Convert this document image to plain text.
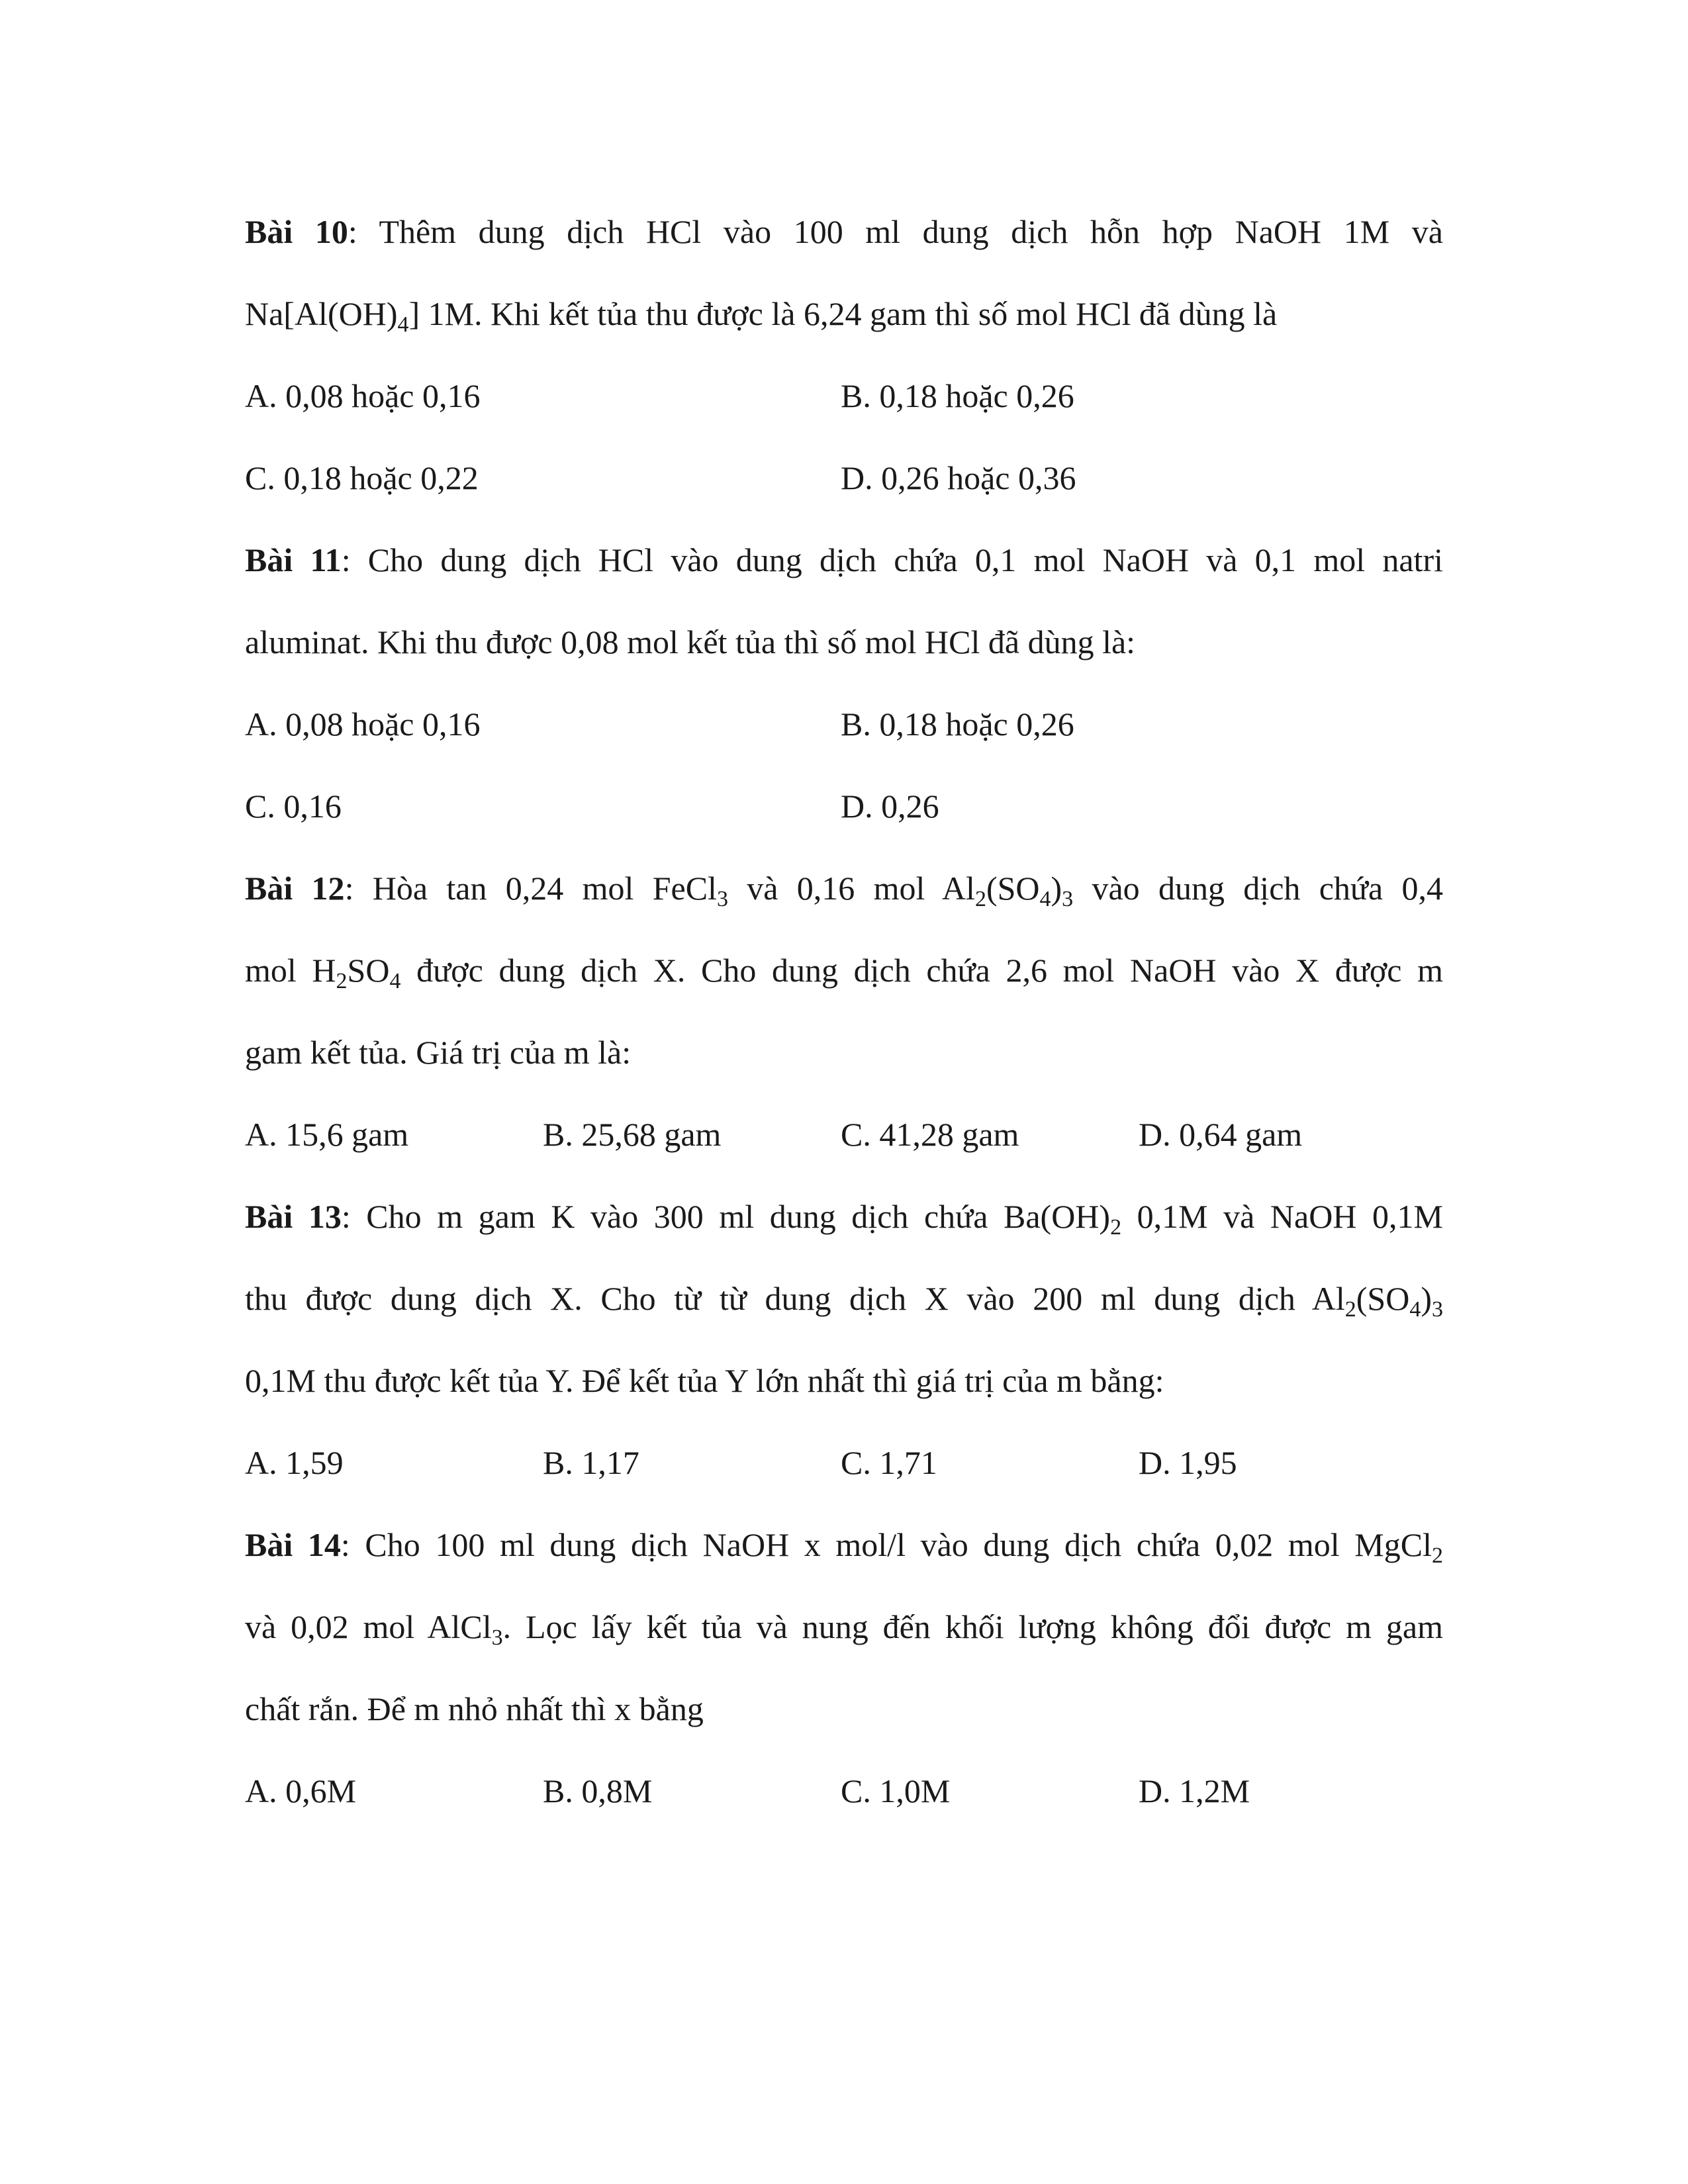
Bài 10: Thêm dung dịch HCl vào 100 ml dung dịch hỗn hợp NaOH 1M và
$Na[Al(OH)_4]$ 1M. Khi kết tủa thu được là 6,24 gam thì số mol HCl đã dùng là
A. 0,08 hoặc 0,16	B. 0,18 hoặc 0,26
C. 0,18 hoặc 0,22	D. 0,26 hoặc 0,36
Bài 11: Cho dung dịch HCl vào dung dịch chứa 0,1 mol NaOH và 0,1 mol natri
aluminat. Khi thu được 0,08 mol kết tủa thì số mol HCl đã dùng là:
A. 0,08 hoặc 0,16	B. 0,18 hoặc 0,26
C. 0,16	D. 0,26
Bài 12: Hòa tan 0,24 mol FeCl$_3$ và 0,16 mol $Al_2(SO_4)_3$ vào dung dịch chứa 0,4
mol $H_2SO_4$ được dung dịch X. Cho dung dịch chứa 2,6 mol NaOH vào X được m
gam kết tủa. Giá trị của m là:
A. 15,6 gam	B. 25,68 gam	C. 41,28 gam	D. 0,64 gam
Bài 13: Cho m gam K vào 300 ml dung dịch chứa $Ba(OH)_2$ 0,1M và NaOH 0,1M
thu được dung dịch X. Cho từ từ dung dịch X vào 200 ml dung dịch $Al_2(SO_4)_3$
0,1M thu được kết tủa Y. Để kết tủa Y lớn nhất thì giá trị của m bằng:
A. 1,59	B. 1,17	C. 1,71	D. 1,95
Bài 14: Cho 100 ml dung dịch NaOH x mol/l vào dung dịch chứa 0,02 mol MgCl$_2$
và 0,02 mol AlCl$_3$. Lọc lấy kết tủa và nung đến khối lượng không đổi được m gam
chất rắn. Để m nhỏ nhất thì x bằng
A. 0,6M	B. 0,8M	C. 1,0M	D. 1,2M
